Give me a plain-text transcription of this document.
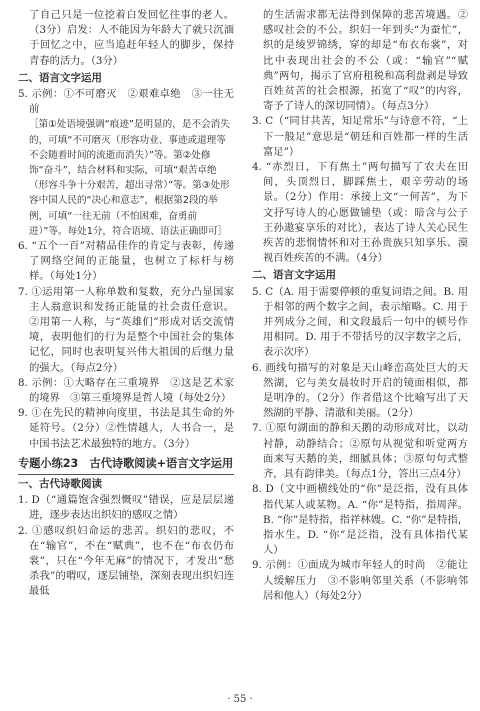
了自己只是一位挖着白发回忆往事的老人。（3分）启发：人不能因为年龄大了就只沉湎于回忆之中，应当追赶年轻人的脚步，保持青春的活力。（3分）
二、语言文字运用
5. 示例：①不可磨灭　②艰难卓绝　③一往无前
［第①处语境强调“痕迹”是明显的，是不会消失的，可填“不可磨灭（形容功业、事迹或道理等不会随着时间的流逝而消失）”等。第②处修饰“奋斗”，结合材料和实际，可填“艰苦卓绝（形容斗争十分艰苦，超出寻常）”等。第③处形容中国人民的“决心和意志”，根据第2段的举例，可填“一往无前（不怕困难，奋勇前进）”等。每处1分，符合语境、语法正确即可］
6. “五个一百”对精品佳作的肯定与表彰，传递了网络空间的正能量，也树立了标杆与榜样。（每处1分）
7. ①运用第一人称单数和复数，充分凸显国家主人翁意识和发扬正能量的社会责任意识。②用第一人称，与“英雄们”形成对话交流情境，表明他们的行为是整个中国社会的集体记忆，同时也表明复兴伟大祖国的后继力量的强大。（每点2分）
8. 示例：①大略存在三重境界　②这是艺术家的境界　③第三重境界是哲人境（每处2分）
9. ①在先民的精神向度里，书法是其生命的外延符号。（2分）②性情越人，人书合一，是中国书法艺术最独特的地方。（3分）
专题小练23　古代诗歌阅读+语言文字运用
一、古代诗歌阅读
1. D（“通篇饱含强烈慨叹”错误，应是层层递进，逐步表达出织妇的感叹之情）
2. ①感叹织妇命运的悲苦。织妇的悲叹，不在“输官”，不在“赋典”，也不在“布衣仍布裳”，只在“今年无麻”的情况下，才发出“愁杀我”的喟叹，逐层铺垫，深刻表现出织妇连最低
的生活需求都无法得到保障的悲苦境遇。②感叹社会的不公。织妇一年到头“为蚕忙”，织的是绫罗锦绣，穿的却是“布衣布裳”，对比中表现出社会的不公（或：“输官”“赋典”两句，揭示了官府租税和高利盘剥是导致百姓贫苦的社会根源，拓宽了“叹”的内容，寄予了诗人的深切同情）。（每点3分）
3. C（“同甘共苦，知足常乐”与诗意不符，“上下一般足”意思是“朝廷和百姓都一样的生活富足”）
4. “赤烈日，下有焦土”两句描写了农夫在田间，头顶烈日，脚踩焦土，艰辛劳动的场景。（2分）作用：承接上文“一何苦”，为下文抒写诗人的心愿做铺垫（或：暗含与公子王孙遨宴享乐的对比），表达了诗人关心民生疾苦的悲悯情怀和对王孙贵族只知享乐、漠视百姓疾苦的不满。（4分）
二、语言文字运用
5. C（A. 用于需要停顿的重复词语之间。B. 用于相邻的两个数字之间，表示缩略。C. 用于并列成分之间，和文段最后一句中的顿号作用相同。D. 用于不带括号的汉字数字之后，表示次序）
6. 画线句描写的对象是天山峰峦高处巨大的天然湖，它与美女晨妆时开启的镜面相似，都是明净的。（2分）作者借这个比喻写出了天然湖的平静、清澈和美丽。（2分）
7. ①原句湖面的静和天鹅的动形成对比，以动衬静，动静结合；②原句从视觉和听觉两方面来写天鹅的美，细腻具体；③原句句式整齐，具有韵律美。（每点1分，答出三点4分）
8. D（文中画横线处的“你”是泛指，没有具体指代某人或某物。A. “你”是特指，指周萍。B. “你”是特指，指祥林嫂。C. “你”是特指，指水生。D. “你”是泛指，没有具体指代某人）
9. 示例：①面成为城市年轻人的时尚　②能让人缓解压力　③不影响邻里关系（不影响邻居和他人）（每处2分）
· 55 ·
